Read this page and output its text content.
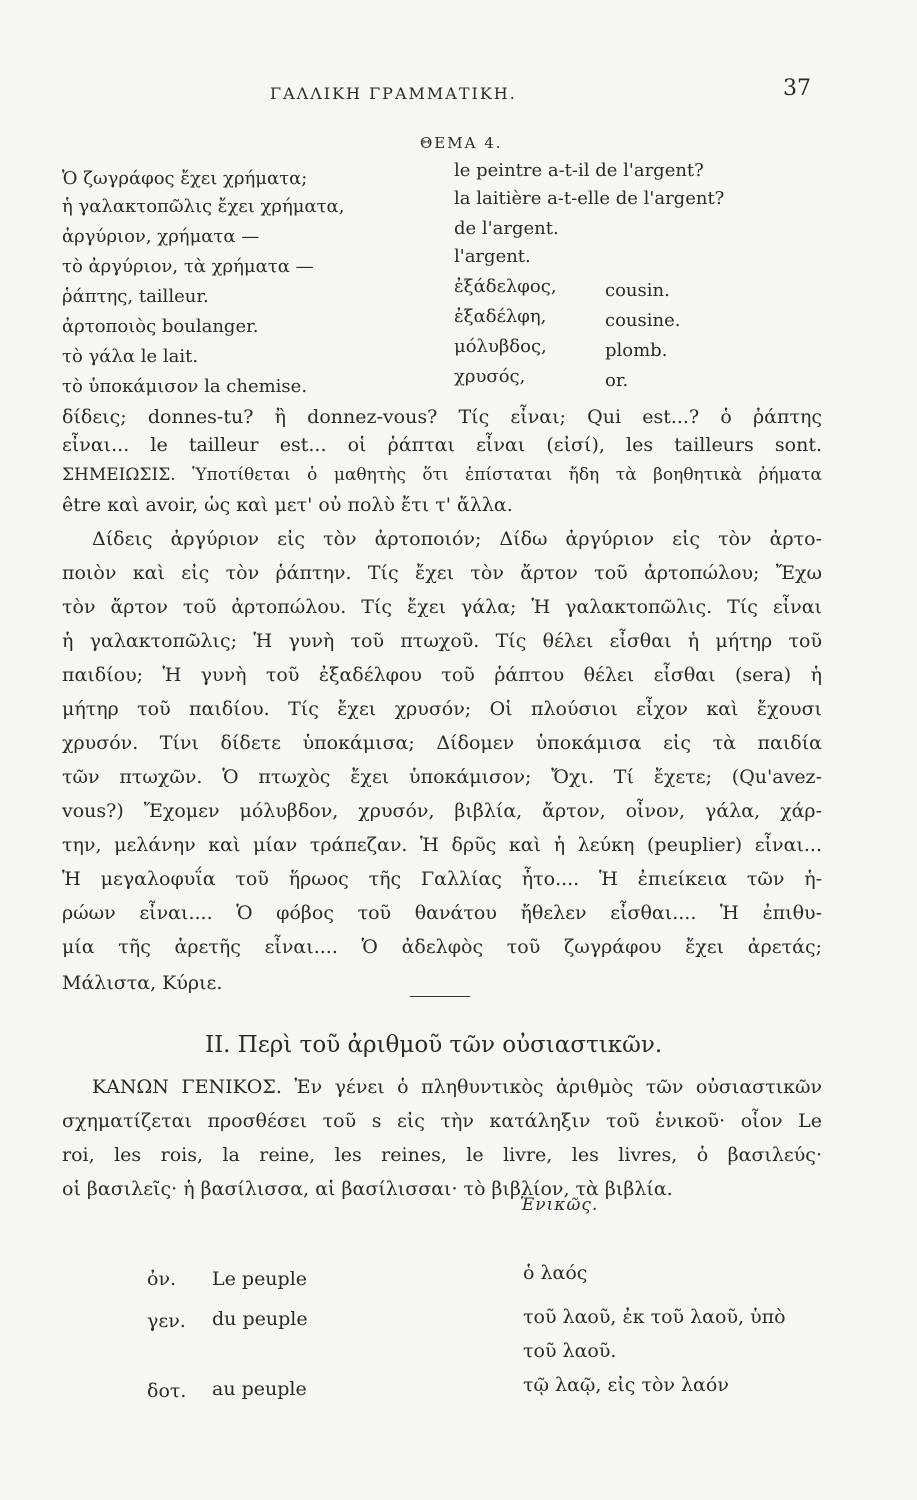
ΓΑΛΛΙΚΗ ΓΡΑΜΜΑΤΙΚΗ.	37
ΘΕΜΑ 4.
Ὁ ζωγράφος ἔχει χρήματα;	le peintre a-t-il de l'argent?
ἡ γαλακτοπῶλις ἔχει χρήματα,	la laitière a-t-elle de l'argent?
ἀργύριον, χρήματα —	de l'argent.
τὸ ἀργύριον, τὰ χρήματα —	l'argent.
ῥάπτης, tailleur.	ἐξάδελφος,	cousin.
ἀρτοποιὸς boulanger.	ἐξαδέλφη,	cousine.
τὸ γάλα le lait.	μόλυβδος,	plomb.
τὸ ὑποκάμισον la chemise.	χρυσός,	or.
δίδεις; donnes-tu? ἢ donnez-vous? Τίς εἶναι; Qui est...? ὁ ῥάπτης
εἶναι... le tailleur est... οἱ ῥάπται εἶναι (εἰσί), les tailleurs sont.
ΣΗΜΕΙΩΣΙΣ. Ὑποτίθεται ὁ μαθητὴς ὅτι ἐπίσταται ἤδη τὰ βοηθητικὰ ῥήματα
être καὶ avoir, ὡς καὶ μετ' οὐ πολὺ ἔτι τ' ἄλλα.
Δίδεις ἀργύριον εἰς τὸν ἀρτοποιόν; Δίδω ἀργύριον εἰς τὸν ἀρτο-
ποιὸν καὶ εἰς τὸν ῥάπτην. Τίς ἔχει τὸν ἄρτον τοῦ ἀρτοπώλου; Ἔχω
τὸν ἄρτον τοῦ ἀρτοπώλου. Τίς ἔχει γάλα; Ἡ γαλακτοπῶλις. Τίς εἶναι
ἡ γαλακτοπῶλις; Ἡ γυνὴ τοῦ πτωχοῦ. Τίς θέλει εἶσθαι ἡ μήτηρ τοῦ
παιδίου; Ἡ γυνὴ τοῦ ἐξαδέλφου τοῦ ῥάπτου θέλει εἶσθαι (sera) ἡ
μήτηρ τοῦ παιδίου. Τίς ἔχει χρυσόν; Οἱ πλούσιοι εἶχον καὶ ἔχουσι
χρυσόν. Τίνι δίδετε ὑποκάμισα; Δίδομεν ὑποκάμισα εἰς τὰ παιδία
τῶν πτωχῶν. Ὁ πτωχὸς ἔχει ὑποκάμισον; Ὄχι. Τί ἔχετε; (Qu'avez-
vous?) Ἔχομεν μόλυβδον, χρυσόν, βιβλία, ἄρτον, οἶνον, γάλα, χάρ-
την, μελάνην καὶ μίαν τράπεζαν. Ἡ δρῦς καὶ ἡ λεύκη (peuplier) εἶναι...
Ἡ μεγαλοφυΐα τοῦ ἥρωος τῆς Γαλλίας ἦτο.... Ἡ ἐπιείκεια τῶν ἡ-
ρώων εἶναι.... Ὁ φόβος τοῦ θανάτου ἤθελεν εἶσθαι.... Ἡ ἐπιθυ-
μία τῆς ἀρετῆς εἶναι.... Ὁ ἀδελφὸς τοῦ ζωγράφου ἔχει ἀρετάς;
Μάλιστα, Κύριε.
II. Περὶ τοῦ ἀριθμοῦ τῶν οὐσιαστικῶν.
ΚΑΝΩΝ ΓΕΝΙΚΟΣ. Ἐν γένει ὁ πληθυντικὸς ἀριθμὸς τῶν οὐσιαστικῶν
σχηματίζεται προσθέσει τοῦ s εἰς τὴν κατάληξιν τοῦ ἑνικοῦ· οἷον Le
roi, les rois, la reine, les reines, le livre, les livres, ὁ βασιλεύς·
οἱ βασιλεῖς· ἡ βασίλισσα, αἱ βασίλισσαι· τὸ βιβλίον, τὰ βιβλία.
Ἑνικῶς.
ὀν. Le peuple	ὁ λαός
γεν. du peuple	τοῦ λαοῦ, ἐκ τοῦ λαοῦ, ὑπὸ
τοῦ λαοῦ.
δοτ. au peuple	τῷ λαῷ, εἰς τὸν λαόν
